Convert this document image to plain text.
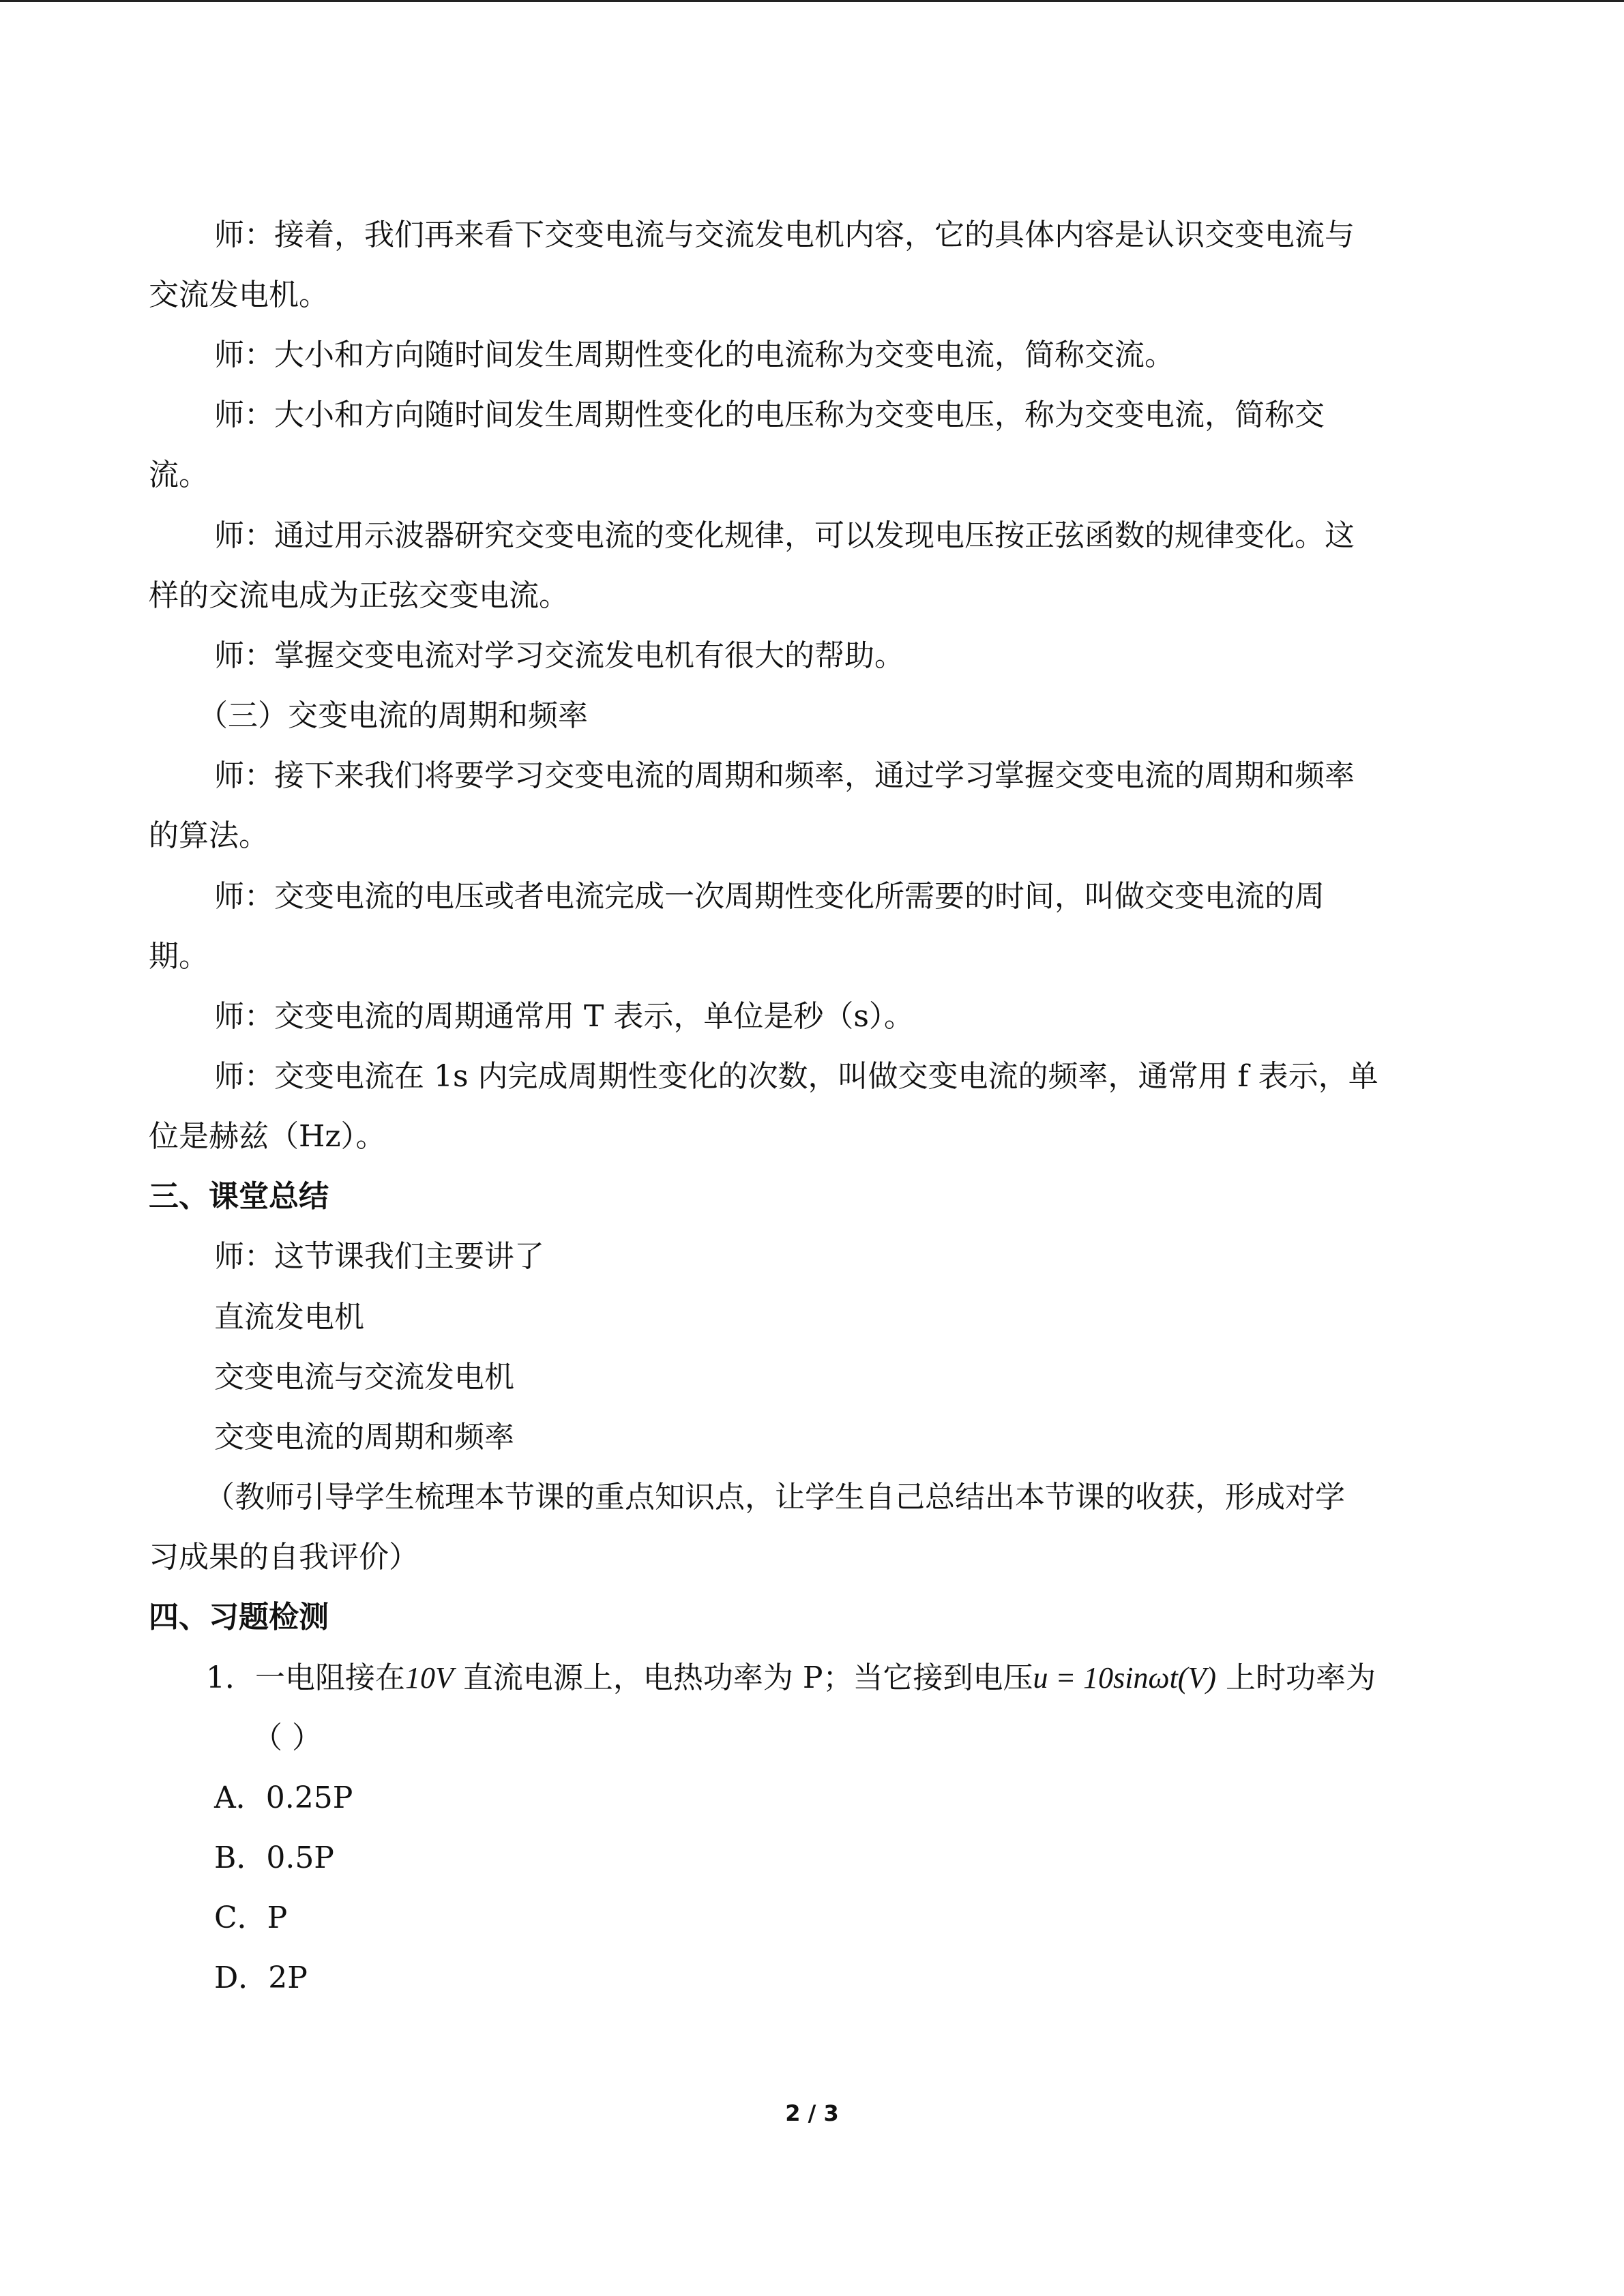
师：接着，我们再来看下交变电流与交流发电机内容，它的具体内容是认识交变电流与
交流发电机。
师：大小和方向随时间发生周期性变化的电流称为交变电流，简称交流。
师：大小和方向随时间发生周期性变化的电压称为交变电压，称为交变电流，简称交
流。
师：通过用示波器研究交变电流的变化规律，可以发现电压按正弦函数的规律变化。这
样的交流电成为正弦交变电流。
师：掌握交变电流对学习交流发电机有很大的帮助。
（三）交变电流的周期和频率
师：接下来我们将要学习交变电流的周期和频率，通过学习掌握交变电流的周期和频率
的算法。
师：交变电流的电压或者电流完成一次周期性变化所需要的时间，叫做交变电流的周
期。
师：交变电流的周期通常用 T 表示，单位是秒（s）。
师：交变电流在 1s 内完成周期性变化的次数，叫做交变电流的频率，通常用 f 表示，单
位是赫兹（Hz）。
三、课堂总结
师：这节课我们主要讲了
直流发电机
交变电流与交流发电机
交变电流的周期和频率
（教师引导学生梳理本节课的重点知识点，让学生自己总结出本节课的收获，形成对学
习成果的自我评价）
四、习题检测
1．一电阻接在10V 直流电源上，电热功率为 P；当它接到电压u = 10sinωt(V) 上时功率为
（ ）
A．0.25P
B．0.5P
C．P
D．2P
2 / 3
